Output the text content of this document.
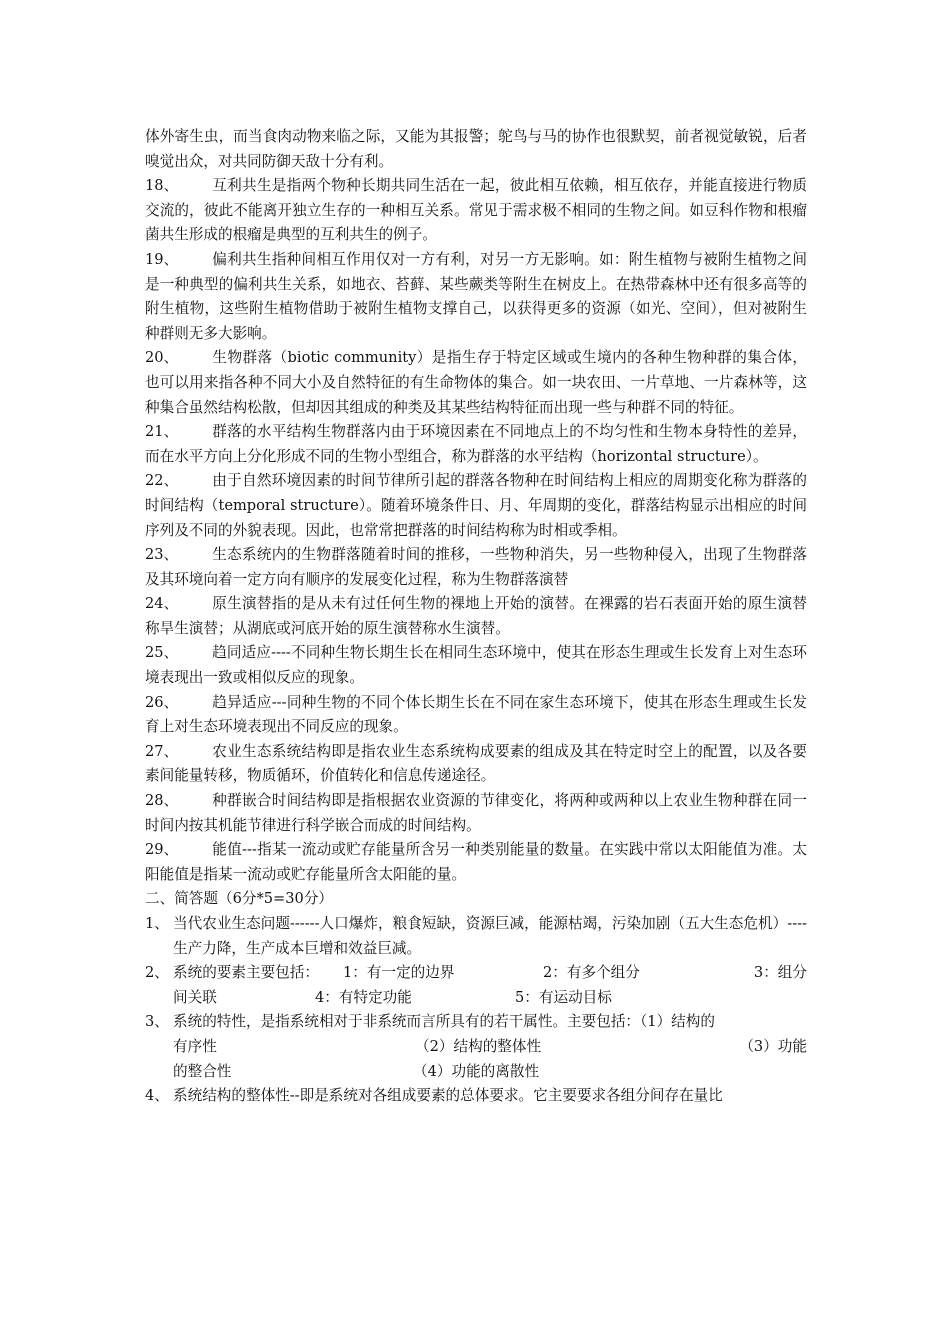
体外寄生虫，而当食肉动物来临之际，又能为其报警；鸵鸟与马的协作也很默契，前者视觉敏锐，后者嗅觉出众，对共同防御天敌十分有利。

18、 互利共生是指两个物种长期共同生活在一起，彼此相互依赖，相互依存，并能直接进行物质交流的，彼此不能离开独立生存的一种相互关系。常见于需求极不相同的生物之间。如豆科作物和根瘤菌共生形成的根瘤是典型的互利共生的例子。

19、 偏利共生指种间相互作用仅对一方有利，对另一方无影响。如：附生植物与被附生植物之间是一种典型的偏利共生关系，如地衣、苔藓、某些蕨类等附生在树皮上。在热带森林中还有很多高等的附生植物，这些附生植物借助于被附生植物支撑自己，以获得更多的资源（如光、空间），但对被附生种群则无多大影响。

20、 生物群落（biotic community）是指生存于特定区域或生境内的各种生物种群的集合体，也可以用来指各种不同大小及自然特征的有生命物体的集合。如一块农田、一片草地、一片森林等，这种集合虽然结构松散，但却因其组成的种类及其某些结构特征而出现一些与种群不同的特征。

21、 群落的水平结构生物群落内由于环境因素在不同地点上的不均匀性和生物本身特性的差异，而在水平方向上分化形成不同的生物小型组合，称为群落的水平结构（horizontal structure）。

22、 由于自然环境因素的时间节律所引起的群落各物种在时间结构上相应的周期变化称为群落的时间结构（temporal structure）。随着环境条件日、月、年周期的变化，群落结构显示出相应的时间序列及不同的外貌表现。因此，也常常把群落的时间结构称为时相或季相。

23、 生态系统内的生物群落随着时间的推移，一些物种消失，另一些物种侵入，出现了生物群落及其环境向着一定方向有顺序的发展变化过程，称为生物群落演替

24、 原生演替指的是从未有过任何生物的裸地上开始的演替。在裸露的岩石表面开始的原生演替称旱生演替；从湖底或河底开始的原生演替称水生演替。

25、 趋同适应----不同种生物长期生长在相同生态环境中，使其在形态生理或生长发育上对生态环境表现出一致或相似反应的现象。

26、 趋异适应---同种生物的不同个体长期生长在不同在家生态环境下，使其在形态生理或生长发育上对生态环境表现出不同反应的现象。

27、 农业生态系统结构即是指农业生态系统构成要素的组成及其在特定时空上的配置，以及各要素间能量转移，物质循环，价值转化和信息传递途径。

28、 种群嵌合时间结构即是指根据农业资源的节律变化，将两种或两种以上农业生物种群在同一时间内按其机能节律进行科学嵌合而成的时间结构。

29、 能值---指某一流动或贮存能量所含另一种类别能量的数量。在实践中常以太阳能值为准。太阳能值是指某一流动或贮存能量所含太阳能的量。

二、简答题（6分*5=30分）

1、 当代农业生态问题------人口爆炸，粮食短缺，资源巨减，能源枯竭，污染加剧（五大生态危机）----生产力降，生产成本巨增和效益巨减。
2、 系统的要素主要包括：	1：有一定的边界	2：有多个组分	3：组分
间关联	4：有特定功能	5：有运动目标
3、 系统的特性，是指系统相对于非系统而言所具有的若干属性。主要包括：（1）结构的
有序性	（2）结构的整体性	（3）功能
的整合性	（4）功能的离散性
4、 系统结构的整体性--即是系统对各组成要素的总体要求。它主要要求各组分间存在量比
